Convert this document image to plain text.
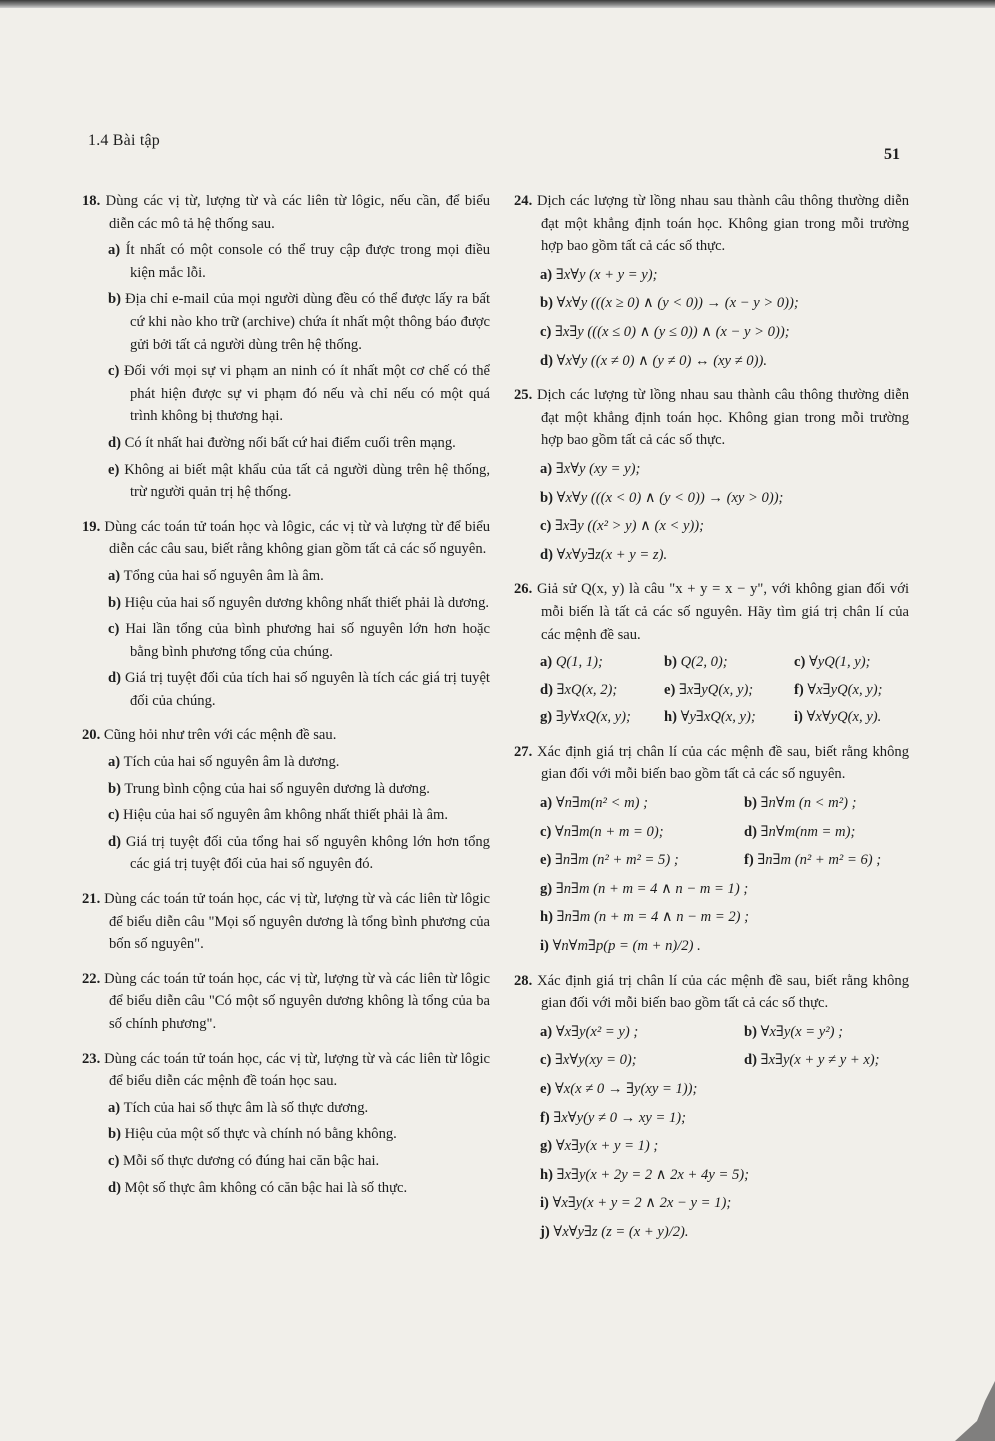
1.4 Bài tập
51
18. Dùng các vị từ, lượng từ và các liên từ lôgic, nếu cần, để biểu diễn các mô tả hệ thống sau.
a) Ít nhất có một console có thể truy cập được trong mọi điều kiện mắc lỗi.
b) Địa chỉ e-mail của mọi người dùng đều có thể được lấy ra bất cứ khi nào kho trữ (archive) chứa ít nhất một thông báo được gửi bởi tất cả người dùng trên hệ thống.
c) Đối với mọi sự vi phạm an ninh có ít nhất một cơ chế có thể phát hiện được sự vi phạm đó nếu và chỉ nếu có một quá trình không bị thương hại.
d) Có ít nhất hai đường nối bất cứ hai điểm cuối trên mạng.
e) Không ai biết mật khẩu của tất cả người dùng trên hệ thống, trừ người quản trị hệ thống.
19. Dùng các toán tử toán học và lôgic, các vị từ và lượng từ để biểu diễn các câu sau, biết rằng không gian gồm tất cả các số nguyên.
a) Tổng của hai số nguyên âm là âm.
b) Hiệu của hai số nguyên dương không nhất thiết phải là dương.
c) Hai lần tổng của bình phương hai số nguyên lớn hơn hoặc bằng bình phương tổng của chúng.
d) Giá trị tuyệt đối của tích hai số nguyên là tích các giá trị tuyệt đối của chúng.
20. Cũng hỏi như trên với các mệnh đề sau.
a) Tích của hai số nguyên âm là dương.
b) Trung bình cộng của hai số nguyên dương là dương.
c) Hiệu của hai số nguyên âm không nhất thiết phải là âm.
d) Giá trị tuyệt đối của tổng hai số nguyên không lớn hơn tổng các giá trị tuyệt đối của hai số nguyên đó.
21. Dùng các toán tử toán học, các vị từ, lượng từ và các liên từ lôgic để biểu diễn câu "Mọi số nguyên dương là tổng bình phương của bốn số nguyên".
22. Dùng các toán tử toán học, các vị từ, lượng từ và các liên từ lôgic để biểu diễn câu "Có một số nguyên dương không là tổng của ba số chính phương".
23. Dùng các toán tử toán học, các vị từ, lượng từ và các liên từ lôgic để biểu diễn các mệnh đề toán học sau.
a) Tích của hai số thực âm là số thực dương.
b) Hiệu của một số thực và chính nó bằng không.
c) Mỗi số thực dương có đúng hai căn bậc hai.
d) Một số thực âm không có căn bậc hai là số thực.
24. Dịch các lượng từ lồng nhau sau thành câu thông thường diễn đạt một khẳng định toán học. Không gian trong mỗi trường hợp bao gồm tất cả các số thực.
a) ∃x∀y (x + y = y);
b) ∀x∀y (((x ≥ 0) ∧ (y < 0)) → (x − y > 0));
c) ∃x∃y (((x ≤ 0) ∧ (y ≤ 0)) ∧ (x − y > 0));
d) ∀x∀y ((x ≠ 0) ∧ (y ≠ 0) ↔ (xy ≠ 0)).
25. Dịch các lượng từ lồng nhau sau thành câu thông thường diễn đạt một khẳng định toán học. Không gian trong mỗi trường hợp bao gồm tất cả các số thực.
a) ∃x∀y (xy = y);
b) ∀x∀y (((x < 0) ∧ (y < 0)) → (xy > 0));
c) ∃x∃y ((x² > y) ∧ (x < y));
d) ∀x∀y∃z(x + y = z).
26. Giả sử Q(x, y) là câu "x + y = x − y", với không gian đối với mỗi biến là tất cả các số nguyên. Hãy tìm giá trị chân lí của các mệnh đề sau.
a) Q(1, 1);	b) Q(2, 0);	c) ∀yQ(1, y);
d) ∃xQ(x, 2);	e) ∃x∃yQ(x, y);	f) ∀x∃yQ(x, y);
g) ∃y∀xQ(x, y);	h) ∀y∃xQ(x, y);	i) ∀x∀yQ(x, y).
27. Xác định giá trị chân lí của các mệnh đề sau, biết rằng không gian đối với mỗi biến bao gồm tất cả các số nguyên.
a) ∀n∃m(n² < m) ;	b) ∃n∀m (n < m²) ;
c) ∀n∃m(n + m = 0);	d) ∃n∀m(nm = m);
e) ∃n∃m (n² + m² = 5) ;	f) ∃n∃m (n² + m² = 6) ;
g) ∃n∃m (n + m = 4 ∧ n − m = 1) ;
h) ∃n∃m (n + m = 4 ∧ n − m = 2) ;
i) ∀n∀m∃p(p = (m + n)/2) .
28. Xác định giá trị chân lí của các mệnh đề sau, biết rằng không gian đối với mỗi biến bao gồm tất cả các số thực.
a) ∀x∃y(x² = y) ;	b) ∀x∃y(x = y²) ;
c) ∃x∀y(xy = 0);	d) ∃x∃y(x + y ≠ y + x);
e) ∀x(x ≠ 0 → ∃y(xy = 1));
f) ∃x∀y(y ≠ 0 → xy = 1);
g) ∀x∃y(x + y = 1) ;
h) ∃x∃y(x + 2y = 2 ∧ 2x + 4y = 5);
i) ∀x∃y(x + y = 2 ∧ 2x − y = 1);
j) ∀x∀y∃z (z = (x + y)/2).
